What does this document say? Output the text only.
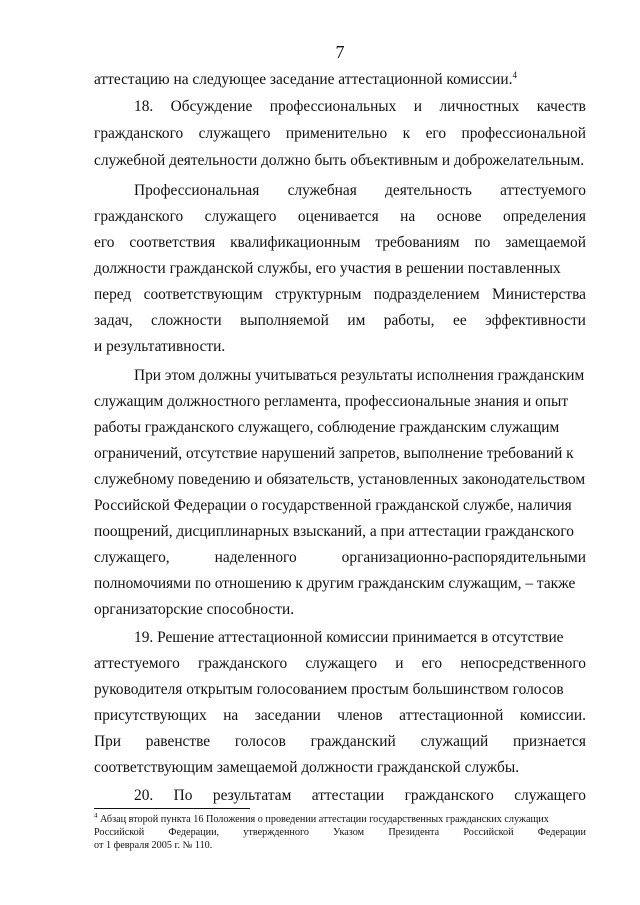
7
аттестацию на следующее заседание аттестационной комиссии.$^4$
18. Обсуждение профессиональных и личностных качеств
гражданского служащего применительно к его профессиональной
служебной деятельности должно быть объективным и доброжелательным.
Профессиональная служебная деятельность аттестуемого
гражданского служащего оценивается на основе определения
его соответствия квалификационным требованиям по замещаемой
должности гражданской службы, его участия в решении поставленных
перед соответствующим структурным подразделением Министерства
задач, сложности выполняемой им работы, ее эффективности
и результативности.
При этом должны учитываться результаты исполнения гражданским
служащим должностного регламента, профессиональные знания и опыт
работы гражданского служащего, соблюдение гражданским служащим
ограничений, отсутствие нарушений запретов, выполнение требований к
служебному поведению и обязательств, установленных законодательством
Российской Федерации о государственной гражданской службе, наличия
поощрений, дисциплинарных взысканий, а при аттестации гражданского
служащего,	наделенного	организационно-распорядительными
полномочиями по отношению к другим гражданским служащим, – также
организаторские способности.
19. Решение аттестационной комиссии принимается в отсутствие
аттестуемого гражданского служащего и его непосредственного
руководителя открытым голосованием простым большинством голосов
присутствующих на заседании членов аттестационной комиссии.
При равенстве голосов гражданский служащий признается
соответствующим замещаемой должности гражданской службы.
20. По результатам аттестации гражданского служащего
$^4$ Абзац второй пункта 16 Положения о проведении аттестации государственных гражданских служащих
Российской Федерации, утвержденного Указом Президента Российской Федерации
от 1 февраля 2005 г. № 110.
